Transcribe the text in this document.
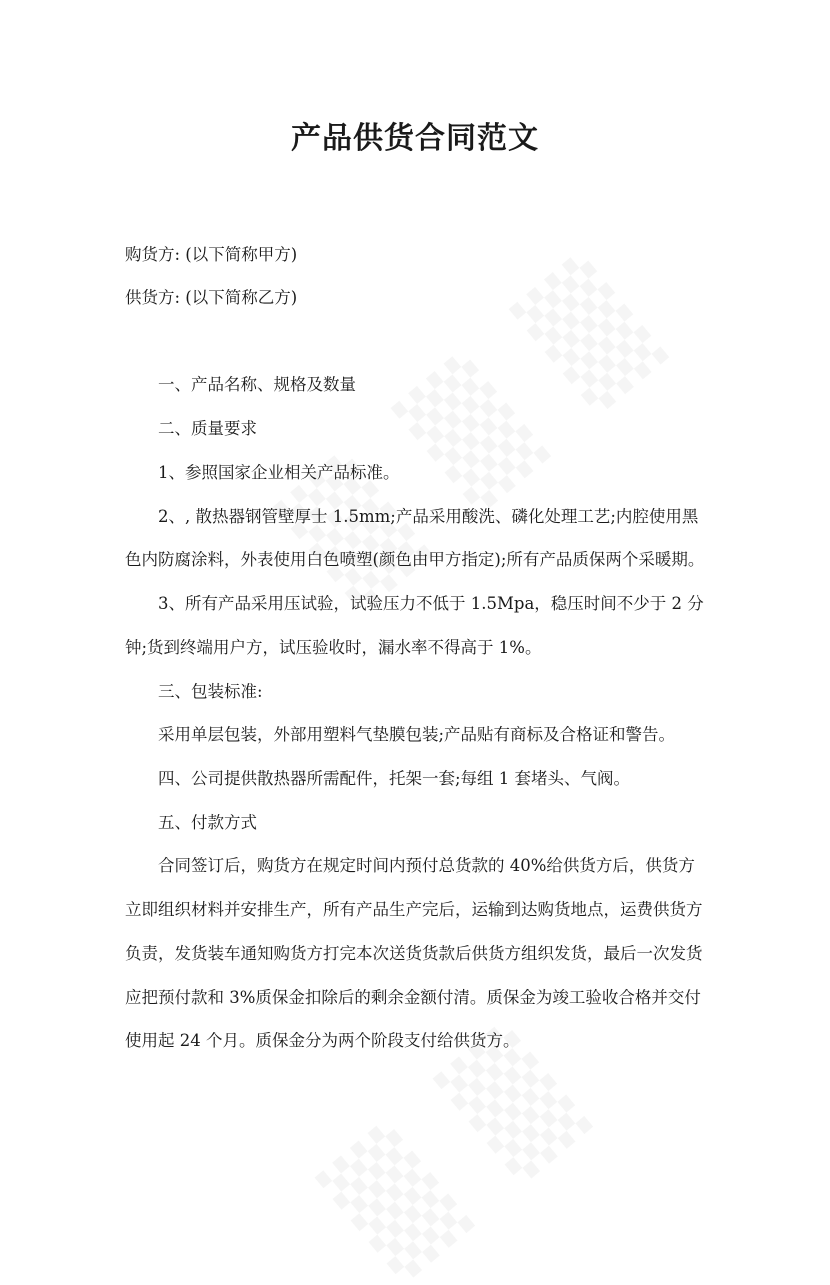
产品供货合同范文

购货方: (以下简称甲方)

供货方: (以下简称乙方)

一、产品名称、规格及数量

二、质量要求

1、参照国家企业相关产品标准。

2、, 散热器钢管壁厚士 1.5mm;产品采用酸洗、磷化处理工艺;内腔使用黑

色内防腐涂料，外表使用白色喷塑(颜色由甲方指定);所有产品质保两个采暖期。

3、所有产品采用压试验，试验压力不低于 1.5Mpa，稳压时间不少于 2 分

钟;货到终端用户方，试压验收时，漏水率不得高于 1%。

三、包装标准:

采用单层包装，外部用塑料气垫膜包装;产品贴有商标及合格证和警告。

四、公司提供散热器所需配件，托架一套;每组 1 套堵头、气阀。

五、付款方式

合同签订后，购货方在规定时间内预付总货款的 40%给供货方后，供货方

立即组织材料并安排生产，所有产品生产完后，运输到达购货地点，运费供货方

负责，发货装车通知购货方打完本次送货货款后供货方组织发货，最后一次发货

应把预付款和 3%质保金扣除后的剩余金额付清。质保金为竣工验收合格并交付

使用起 24 个月。质保金分为两个阶段支付给供货方。
